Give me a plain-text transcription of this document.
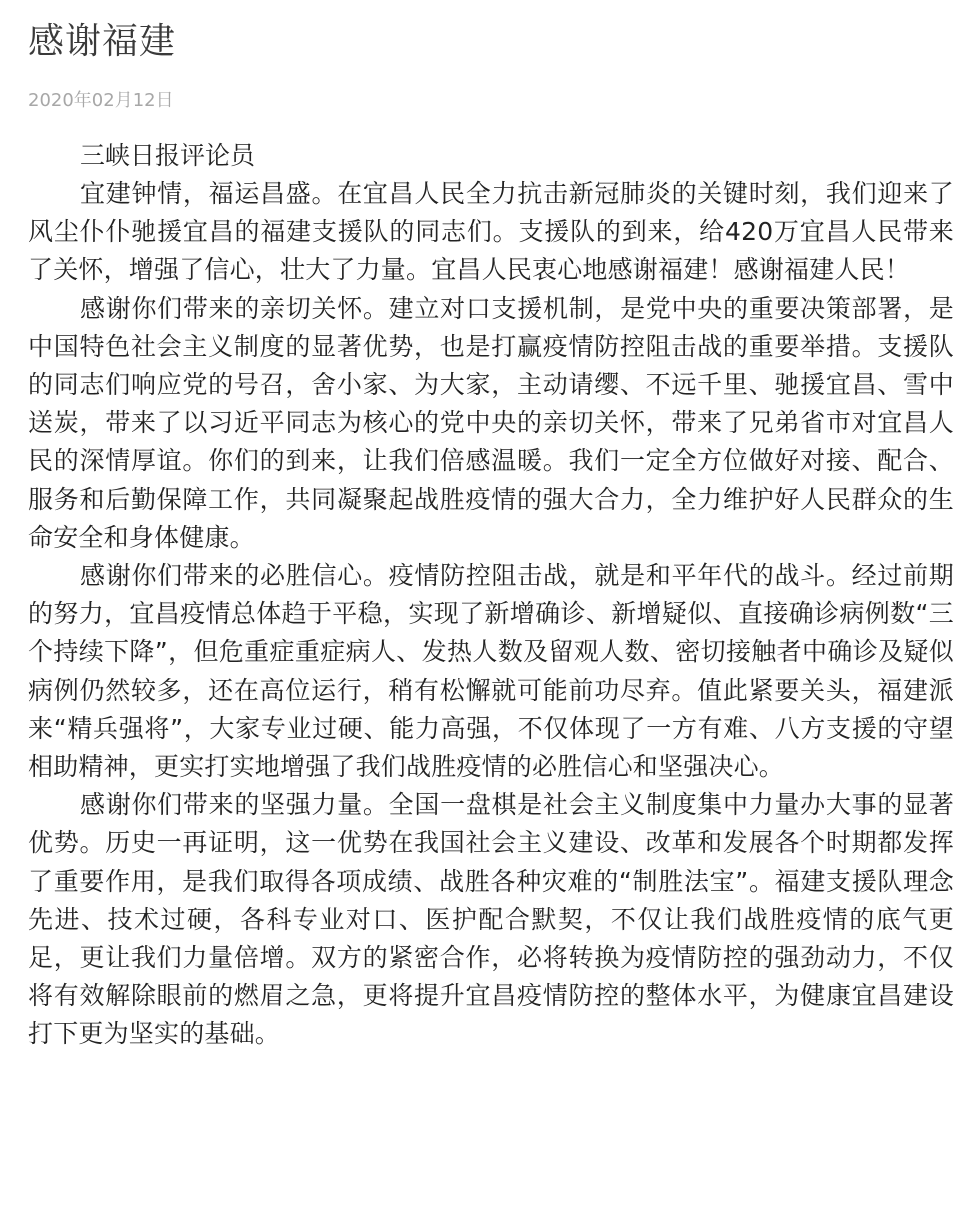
感谢福建
2020年02月12日
三峡日报评论员

宜建钟情，福运昌盛。在宜昌人民全力抗击新冠肺炎的关键时刻，我们迎来了风尘仆仆驰援宜昌的福建支援队的同志们。支援队的到来，给420万宜昌人民带来了关怀，增强了信心，壮大了力量。宜昌人民衷心地感谢福建！感谢福建人民！

感谢你们带来的亲切关怀。建立对口支援机制，是党中央的重要决策部署，是中国特色社会主义制度的显著优势，也是打赢疫情防控阻击战的重要举措。支援队的同志们响应党的号召，舍小家、为大家，主动请缨、不远千里、驰援宜昌、雪中送炭，带来了以习近平同志为核心的党中央的亲切关怀，带来了兄弟省市对宜昌人民的深情厚谊。你们的到来，让我们倍感温暖。我们一定全方位做好对接、配合、服务和后勤保障工作，共同凝聚起战胜疫情的强大合力，全力维护好人民群众的生命安全和身体健康。

感谢你们带来的必胜信心。疫情防控阻击战，就是和平年代的战斗。经过前期的努力，宜昌疫情总体趋于平稳，实现了新增确诊、新增疑似、直接确诊病例数“三个持续下降”，但危重症重症病人、发热人数及留观人数、密切接触者中确诊及疑似病例仍然较多，还在高位运行，稍有松懈就可能前功尽弃。值此紧要关头，福建派来“精兵强将”，大家专业过硬、能力高强，不仅体现了一方有难、八方支援的守望相助精神，更实打实地增强了我们战胜疫情的必胜信心和坚强决心。

感谢你们带来的坚强力量。全国一盘棋是社会主义制度集中力量办大事的显著优势。历史一再证明，这一优势在我国社会主义建设、改革和发展各个时期都发挥了重要作用，是我们取得各项成绩、战胜各种灾难的“制胜法宝”。福建支援队理念先进、技术过硬，各科专业对口、医护配合默契，不仅让我们战胜疫情的底气更足，更让我们力量倍增。双方的紧密合作，必将转换为疫情防控的强劲动力，不仅将有效解除眼前的燃眉之急，更将提升宜昌疫情防控的整体水平，为健康宜昌建设打下更为坚实的基础。
